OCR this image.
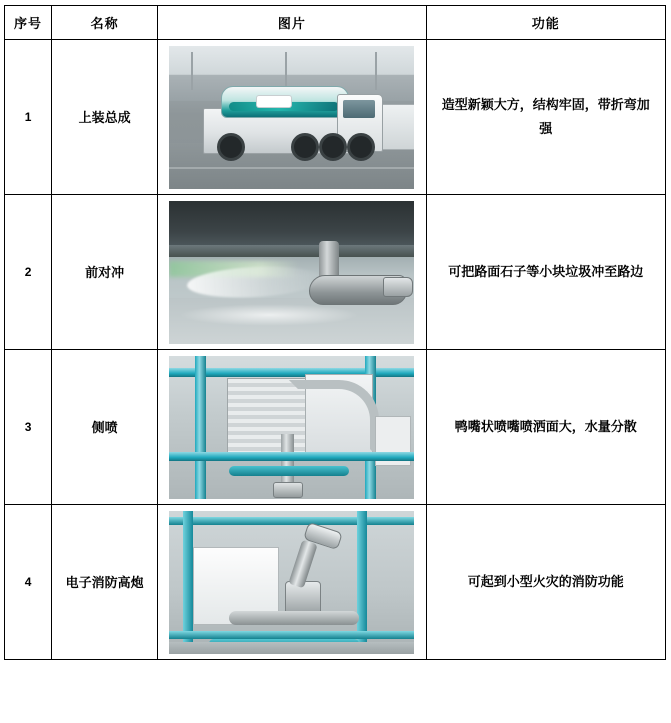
序号	名称	图片	功能
1	上装总成		造型新颖大方，结构牢固，带折弯加强
2	前对冲		可把路面石子等小块垃圾冲至路边
3	侧喷		鸭嘴状喷嘴喷洒面大，水量分散
4	电子消防高炮		可起到小型火灾的消防功能
